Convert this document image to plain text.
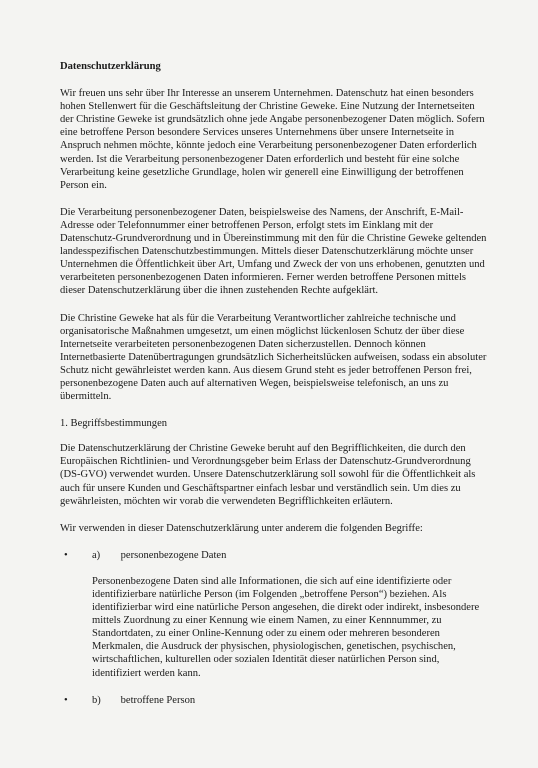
Datenschutzerklärung

Wir freuen uns sehr über Ihr Interesse an unserem Unternehmen. Datenschutz hat einen besonders hohen Stellenwert für die Geschäftsleitung der Christine Geweke. Eine Nutzung der Internetseiten der Christine Geweke ist grundsätzlich ohne jede Angabe personenbezogener Daten möglich. Sofern eine betroffene Person besondere Services unseres Unternehmens über unsere Internetseite in Anspruch nehmen möchte, könnte jedoch eine Verarbeitung personenbezogener Daten erforderlich werden. Ist die Verarbeitung personenbezogener Daten erforderlich und besteht für eine solche Verarbeitung keine gesetzliche Grundlage, holen wir generell eine Einwilligung der betroffenen Person ein.

Die Verarbeitung personenbezogener Daten, beispielsweise des Namens, der Anschrift, E-Mail-Adresse oder Telefonnummer einer betroffenen Person, erfolgt stets im Einklang mit der Datenschutz-Grundverordnung und in Übereinstimmung mit den für die Christine Geweke geltenden landesspezifischen Datenschutzbestimmungen. Mittels dieser Datenschutzerklärung möchte unser Unternehmen die Öffentlichkeit über Art, Umfang und Zweck der von uns erhobenen, genutzten und verarbeiteten personenbezogenen Daten informieren. Ferner werden betroffene Personen mittels dieser Datenschutzerklärung über die ihnen zustehenden Rechte aufgeklärt.

Die Christine Geweke hat als für die Verarbeitung Verantwortlicher zahlreiche technische und organisatorische Maßnahmen umgesetzt, um einen möglichst lückenlosen Schutz der über diese Internetseite verarbeiteten personenbezogenen Daten sicherzustellen. Dennoch können Internetbasierte Datenübertragungen grundsätzlich Sicherheitslücken aufweisen, sodass ein absoluter Schutz nicht gewährleistet werden kann. Aus diesem Grund steht es jeder betroffenen Person frei, personenbezogene Daten auch auf alternativen Wegen, beispielsweise telefonisch, an uns zu übermitteln.

1. Begriffsbestimmungen

Die Datenschutzerklärung der Christine Geweke beruht auf den Begrifflichkeiten, die durch den Europäischen Richtlinien- und Verordnungsgeber beim Erlass der Datenschutz-Grundverordnung (DS-GVO) verwendet wurden. Unsere Datenschutzerklärung soll sowohl für die Öffentlichkeit als auch für unsere Kunden und Geschäftspartner einfach lesbar und verständlich sein. Um dies zu gewährleisten, möchten wir vorab die verwendeten Begrifflichkeiten erläutern.

Wir verwenden in dieser Datenschutzerklärung unter anderem die folgenden Begriffe:

• a) personenbezogene Daten
Personenbezogene Daten sind alle Informationen, die sich auf eine identifizierte oder identifizierbare natürliche Person (im Folgenden „betroffene Person“) beziehen. Als identifizierbar wird eine natürliche Person angesehen, die direkt oder indirekt, insbesondere mittels Zuordnung zu einer Kennung wie einem Namen, zu einer Kennnummer, zu Standortdaten, zu einer Online-Kennung oder zu einem oder mehreren besonderen Merkmalen, die Ausdruck der physischen, physiologischen, genetischen, psychischen, wirtschaftlichen, kulturellen oder sozialen Identität dieser natürlichen Person sind, identifiziert werden kann.
• b) betroffene Person
